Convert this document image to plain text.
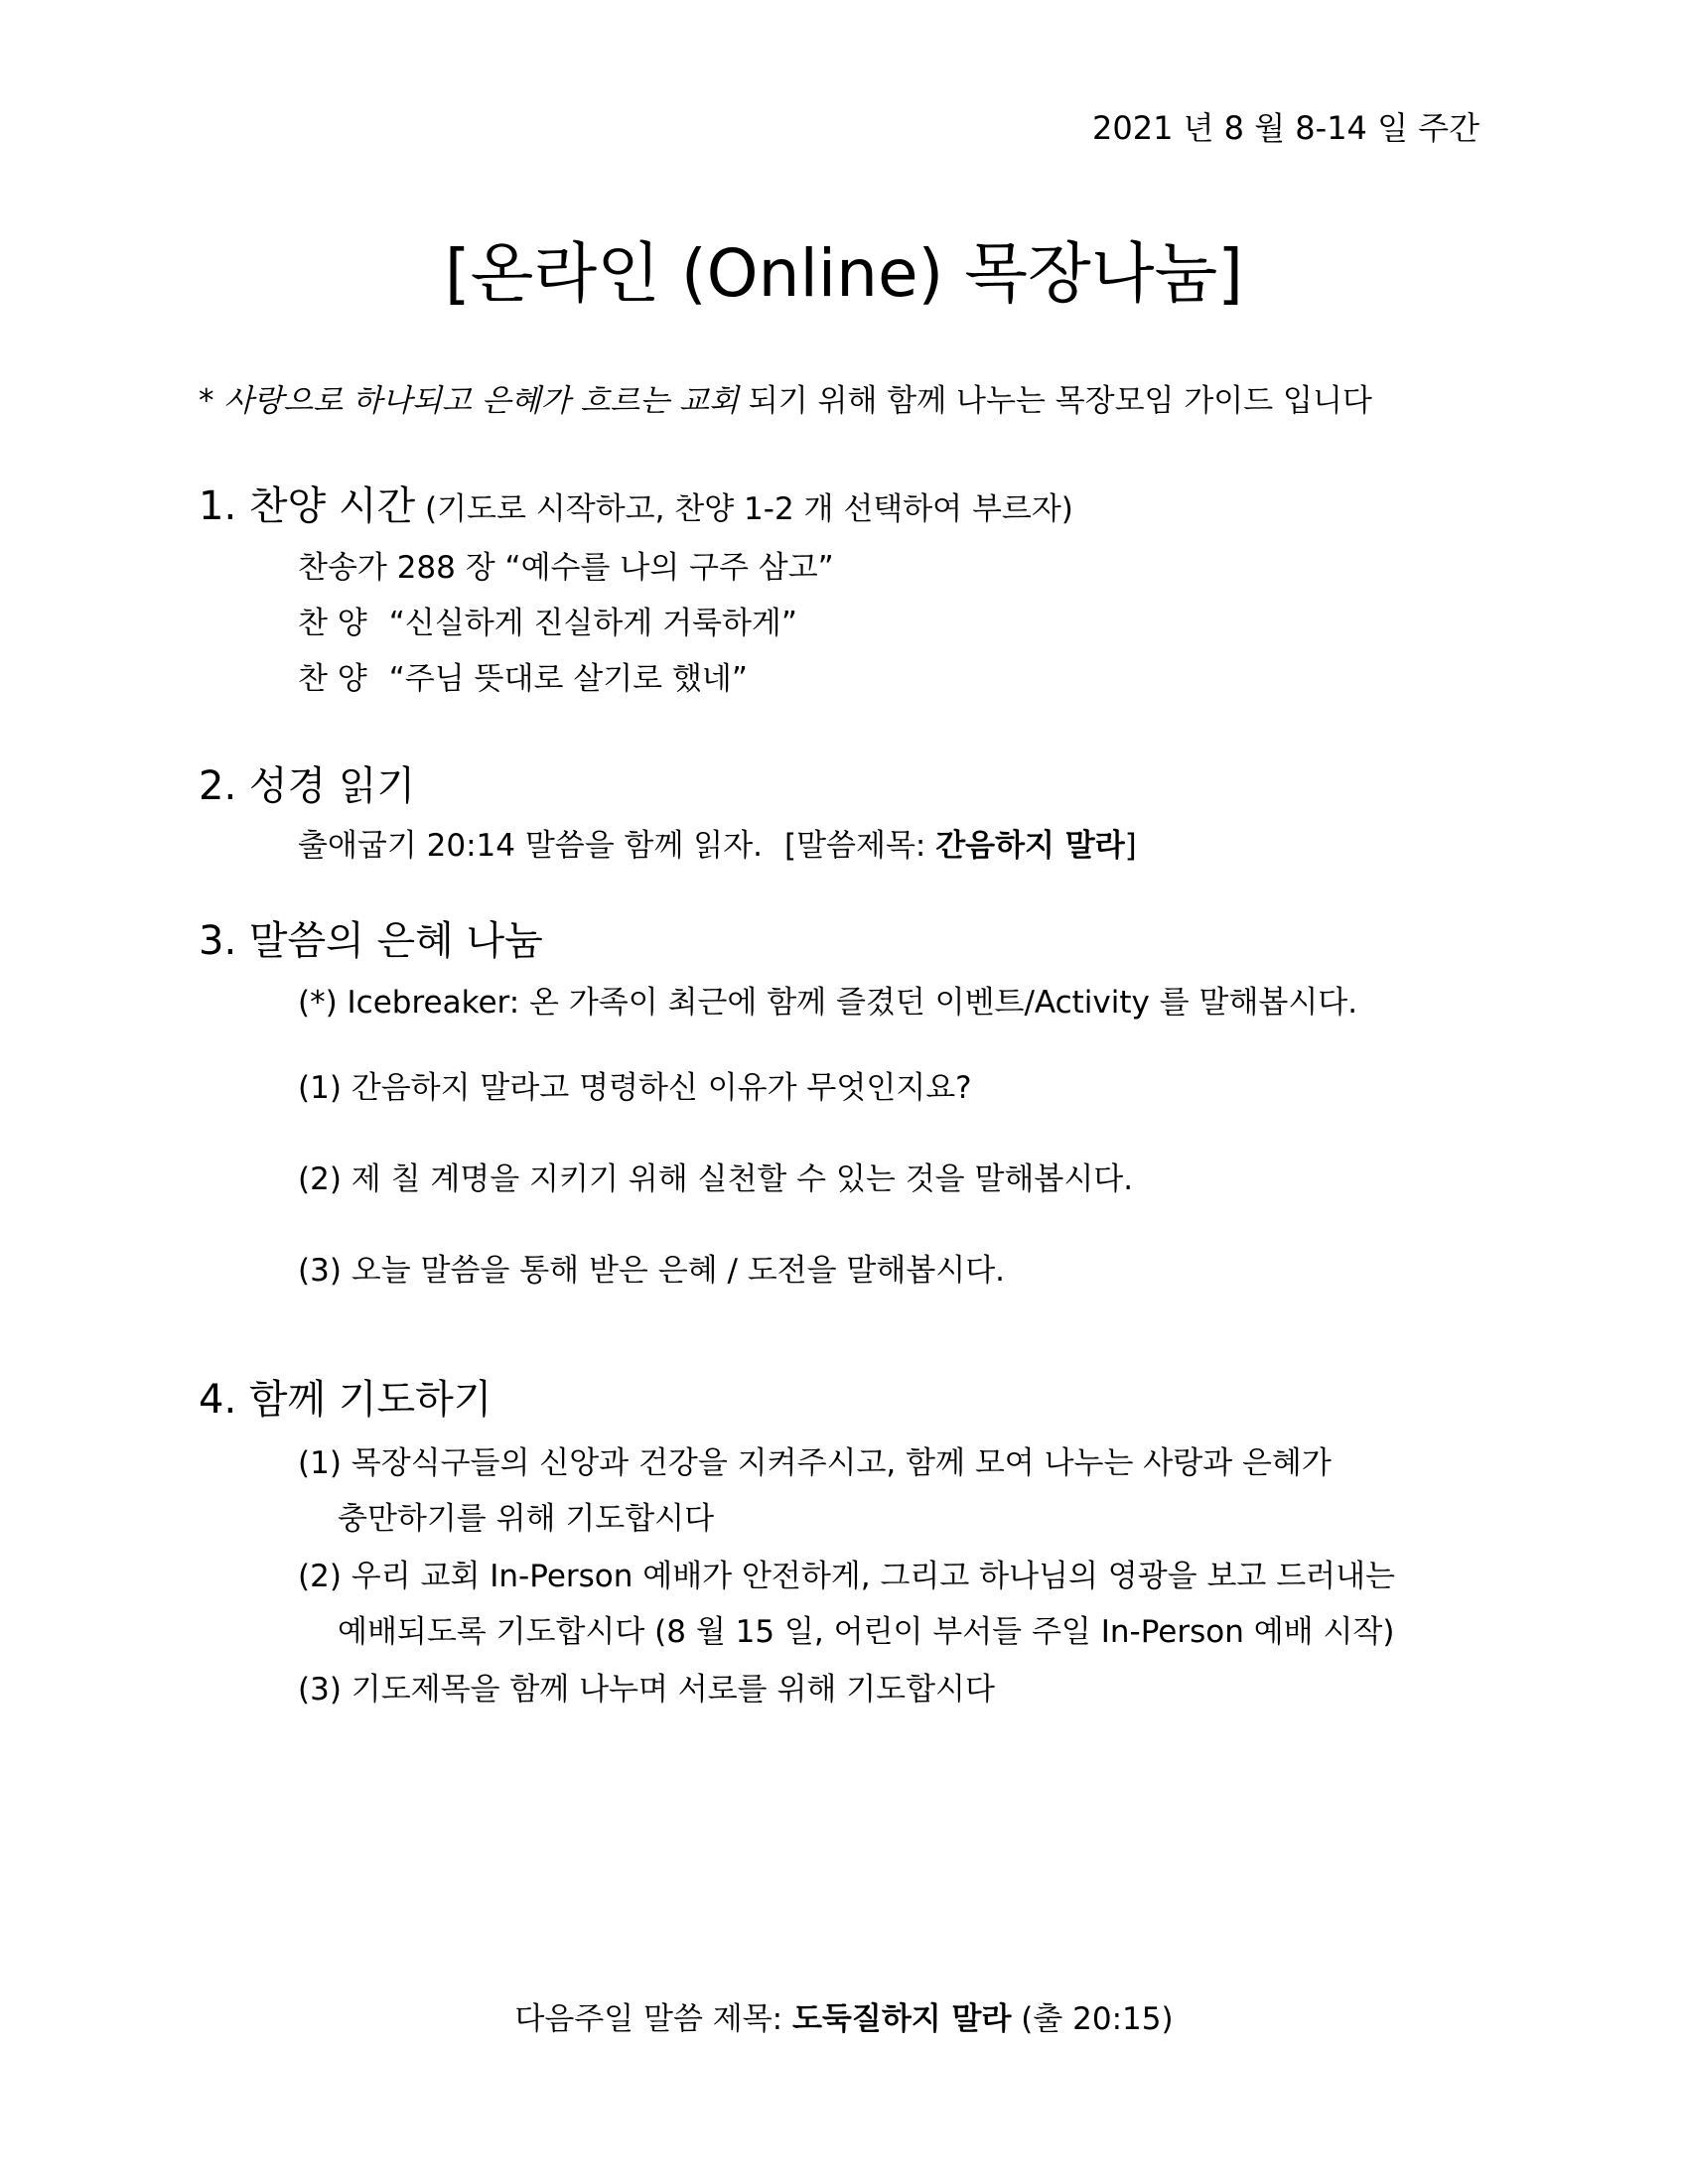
2021 년 8 월 8-14 일 주간
[온라인 (Online) 목장나눔]
* 사랑으로 하나되고 은혜가 흐르는 교회 되기 위해 함께 나누는 목장모임 가이드 입니다
1. 찬양 시간 (기도로 시작하고, 찬양 1-2 개 선택하여 부르자)
찬송가 288 장 “예수를 나의 구주 삼고”
찬 양 “신실하게 진실하게 거룩하게”
찬 양 “주님 뜻대로 살기로 했네”
2. 성경 읽기
출애굽기 20:14 말씀을 함께 읽자. [말씀제목: 간음하지 말라]
3. 말씀의 은혜 나눔
(*) Icebreaker: 온 가족이 최근에 함께 즐겼던 이벤트/Activity 를 말해봅시다.
(1) 간음하지 말라고 명령하신 이유가 무엇인지요?
(2) 제 칠 계명을 지키기 위해 실천할 수 있는 것을 말해봅시다.
(3) 오늘 말씀을 통해 받은 은혜 / 도전을 말해봅시다.
4. 함께 기도하기
(1) 목장식구들의 신앙과 건강을 지켜주시고, 함께 모여 나누는 사랑과 은혜가
충만하기를 위해 기도합시다
(2) 우리 교회 In-Person 예배가 안전하게, 그리고 하나님의 영광을 보고 드러내는
예배되도록 기도합시다 (8 월 15 일, 어린이 부서들 주일 In-Person 예배 시작)
(3) 기도제목을 함께 나누며 서로를 위해 기도합시다
다음주일 말씀 제목: 도둑질하지 말라 (출 20:15)
